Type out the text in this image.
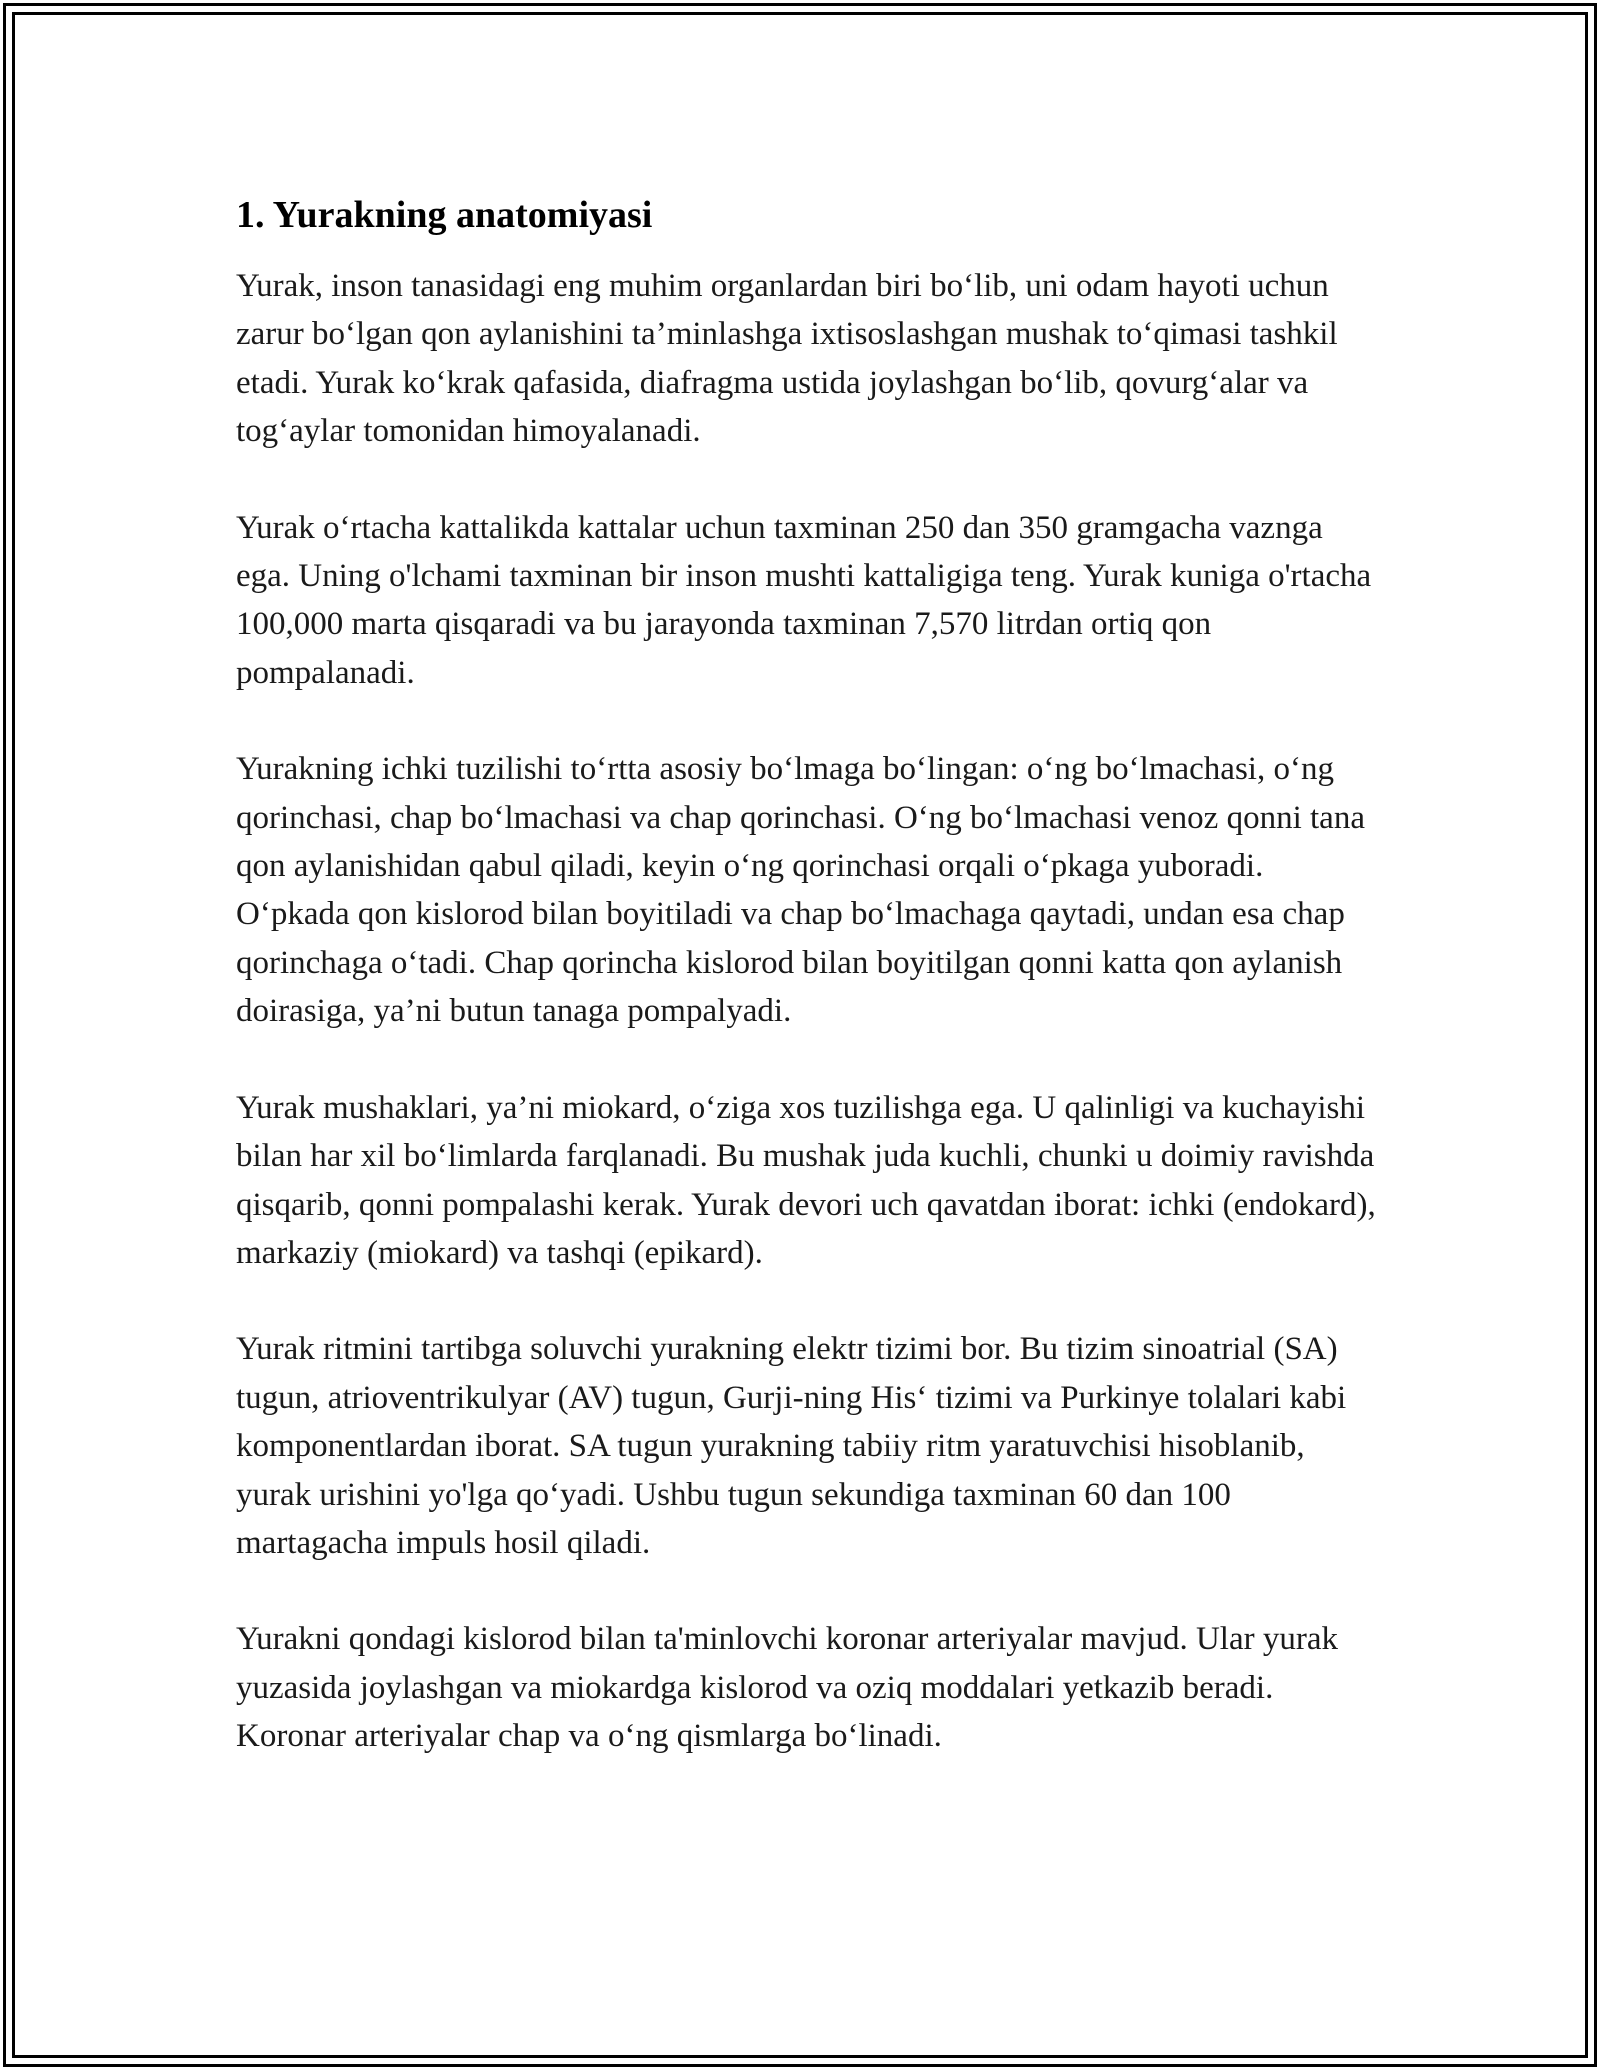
1. Yurakning anatomiyasi

Yurak, inson tanasidagi eng muhim organlardan biri bo‘lib, uni odam hayoti uchun zarur bo‘lgan qon aylanishini ta’minlashga ixtisoslashgan mushak to‘qimasi tashkil etadi. Yurak ko‘krak qafasida, diafragma ustida joylashgan bo‘lib, qovurg‘alar va tog‘aylar tomonidan himoyalanadi.

Yurak o‘rtacha kattalikda kattalar uchun taxminan 250 dan 350 gramgacha vaznga ega. Uning o'lchami taxminan bir inson mushti kattaligiga teng. Yurak kuniga o'rtacha 100,000 marta qisqaradi va bu jarayonda taxminan 7,570 litrdan ortiq qon pompalanadi.

Yurakning ichki tuzilishi to‘rtta asosiy bo‘lmaga bo‘lingan: o‘ng bo‘lmachasi, o‘ng qorinchasi, chap bo‘lmachasi va chap qorinchasi. O‘ng bo‘lmachasi venoz qonni tana qon aylanishidan qabul qiladi, keyin o‘ng qorinchasi orqali o‘pkaga yuboradi. O‘pkada qon kislorod bilan boyitiladi va chap bo‘lmachaga qaytadi, undan esa chap qorinchaga o‘tadi. Chap qorincha kislorod bilan boyitilgan qonni katta qon aylanish doirasiga, ya’ni butun tanaga pompalyadi.

Yurak mushaklari, ya’ni miokard, o‘ziga xos tuzilishga ega. U qalinligi va kuchayishi bilan har xil bo‘limlarda farqlanadi. Bu mushak juda kuchli, chunki u doimiy ravishda qisqarib, qonni pompalashi kerak. Yurak devori uch qavatdan iborat: ichki (endokard), markaziy (miokard) va tashqi (epikard).

Yurak ritmini tartibga soluvchi yurakning elektr tizimi bor. Bu tizim sinoatrial (SA) tugun, atrioventrikulyar (AV) tugun, Gurji-ning His‘ tizimi va Purkinye tolalari kabi komponentlardan iborat. SA tugun yurakning tabiiy ritm yaratuvchisi hisoblanib, yurak urishini yo'lga qo‘yadi. Ushbu tugun sekundiga taxminan 60 dan 100 martagacha impuls hosil qiladi.

Yurakni qondagi kislorod bilan ta'minlovchi koronar arteriyalar mavjud. Ular yurak yuzasida joylashgan va miokardga kislorod va oziq moddalari yetkazib beradi. Koronar arteriyalar chap va o‘ng qismlarga bo‘linadi.
